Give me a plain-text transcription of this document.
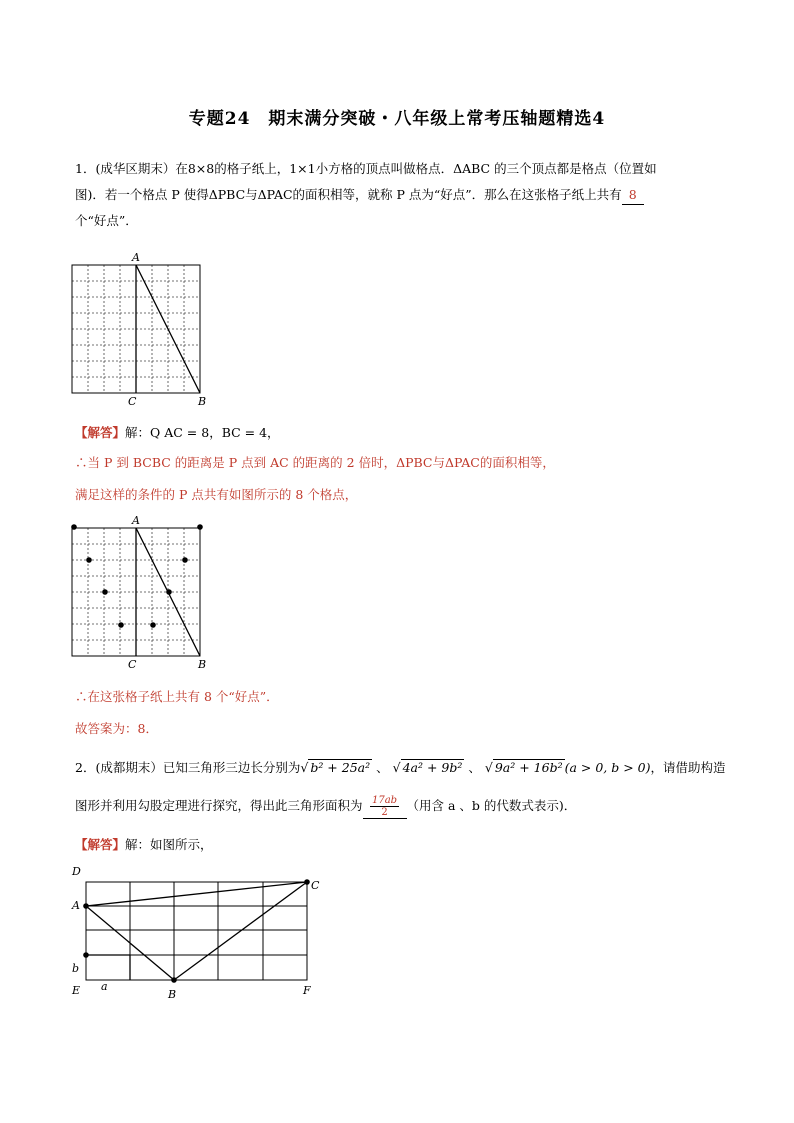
专题24　期末满分突破・八年级上常考压轴题精选4
1．(成华区期末）在8×8的格子纸上，1×1小方格的顶点叫做格点．ΔABC 的三个顶点都是格点（位置如
图)．若一个格点 P 使得ΔPBC与ΔPAC的面积相等，就称 P 点为“好点”．那么在这张格子纸上共有 8
个“好点”．
A
B
C
【解答】解：Q AC = 8，BC = 4，
∴当 P 到 BCBC 的距离是 P 点到 AC 的距离的 2 倍时，ΔPBC与ΔPAC的面积相等，
满足这样的条件的 P 点共有如图所示的 8 个格点，
A
B
C
∴在这张格子纸上共有 8 个“好点”．
故答案为：8．
2．(成都期末）已知三角形三边长分别为√ b² + 25a² 、 √ 4a² + 9b² 、 √ 9a² + 16b² (a > 0, b > 0)，请借助构造
图形并利用勾股定理进行探究，得出此三角形面积为 $\frac{17ab}{2}$ （用含 a 、b 的代数式表示)．
【解答】解：如图所示，
D
A
C
b
E a
B	F
